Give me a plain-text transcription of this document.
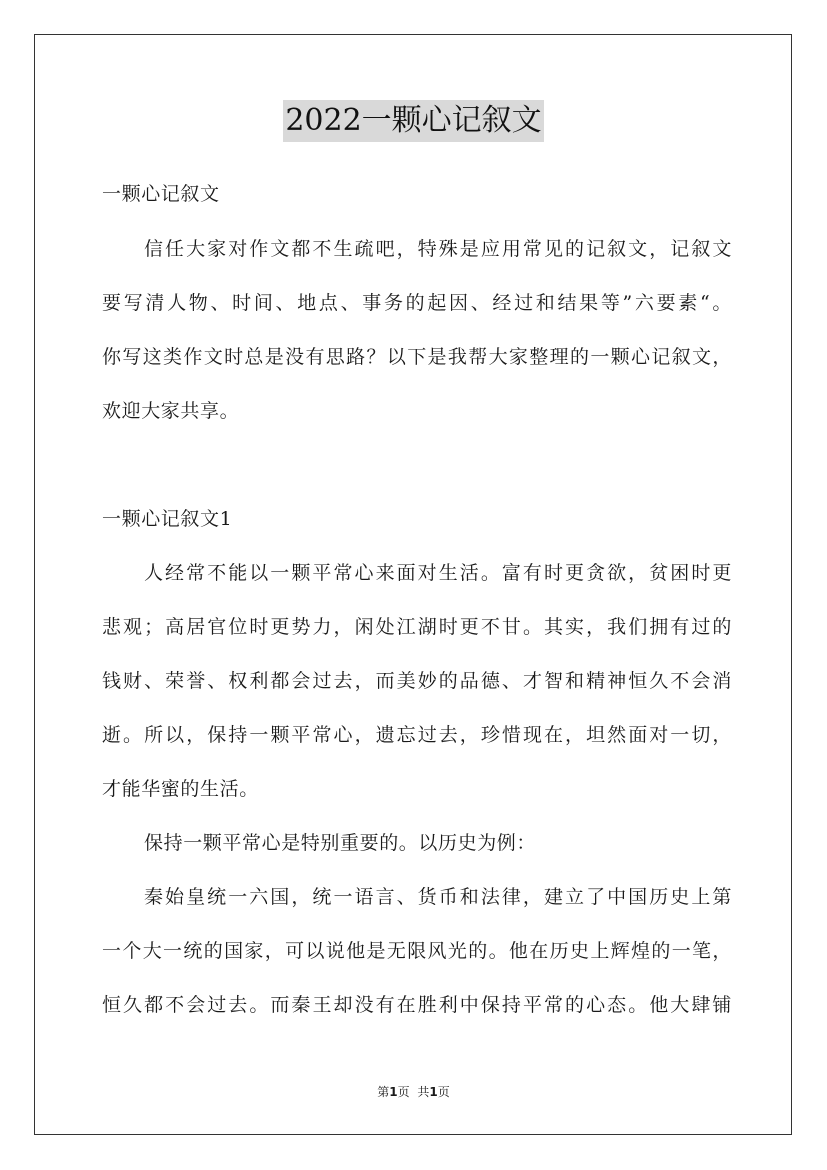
2022一颗心记叙文
一颗心记叙文
信任大家对作文都不生疏吧，特殊是应用常见的记叙文，记叙文
要写清人物、时间、地点、事务的起因、经过和结果等”六要素“。
你写这类作文时总是没有思路？以下是我帮大家整理的一颗心记叙文，
欢迎大家共享。
一颗心记叙文1
人经常不能以一颗平常心来面对生活。富有时更贪欲，贫困时更
悲观；高居官位时更势力，闲处江湖时更不甘。其实，我们拥有过的
钱财、荣誉、权利都会过去，而美妙的品德、才智和精神恒久不会消
逝。所以，保持一颗平常心，遗忘过去，珍惜现在，坦然面对一切，
才能华蜜的生活。
保持一颗平常心是特别重要的。以历史为例：
秦始皇统一六国，统一语言、货币和法律，建立了中国历史上第
一个大一统的国家，可以说他是无限风光的。他在历史上辉煌的一笔，
恒久都不会过去。而秦王却没有在胜利中保持平常的心态。他大肆铺
第1页 共1页
